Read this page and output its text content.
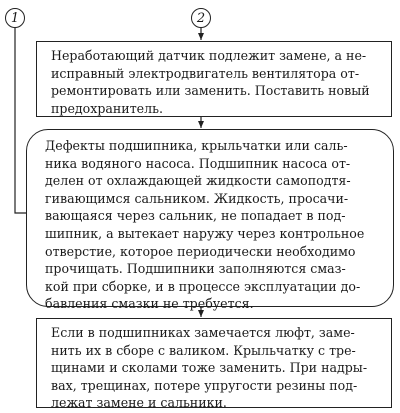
1	2

Неработающий датчик подлежит замене, а не-
исправный электродвигатель вентилятора от-
ремонтировать или заменить. Поставить новый
предохранитель.

Дефекты подшипника, крыльчатки или саль-
ника водяного насоса. Подшипник насоса от-
делен от охлаждающей жидкости самоподтя-
гивающимся сальником. Жидкость, просачи-
вающаяся через сальник, не попадает в под-
шипник, а вытекает наружу через контрольное
отверстие, которое периодически необходимо
прочищать. Подшипники заполняются смаз-
кой при сборке, и в процессе эксплуатации до-
бавления смазки не требуется.

Если в подшипниках замечается люфт, заме-
нить их в сборе с валиком. Крыльчатку с тре-
щинами и сколами тоже заменить. При надры-
вах, трещинах, потере упругости резины под-
лежат замене и сальники.
